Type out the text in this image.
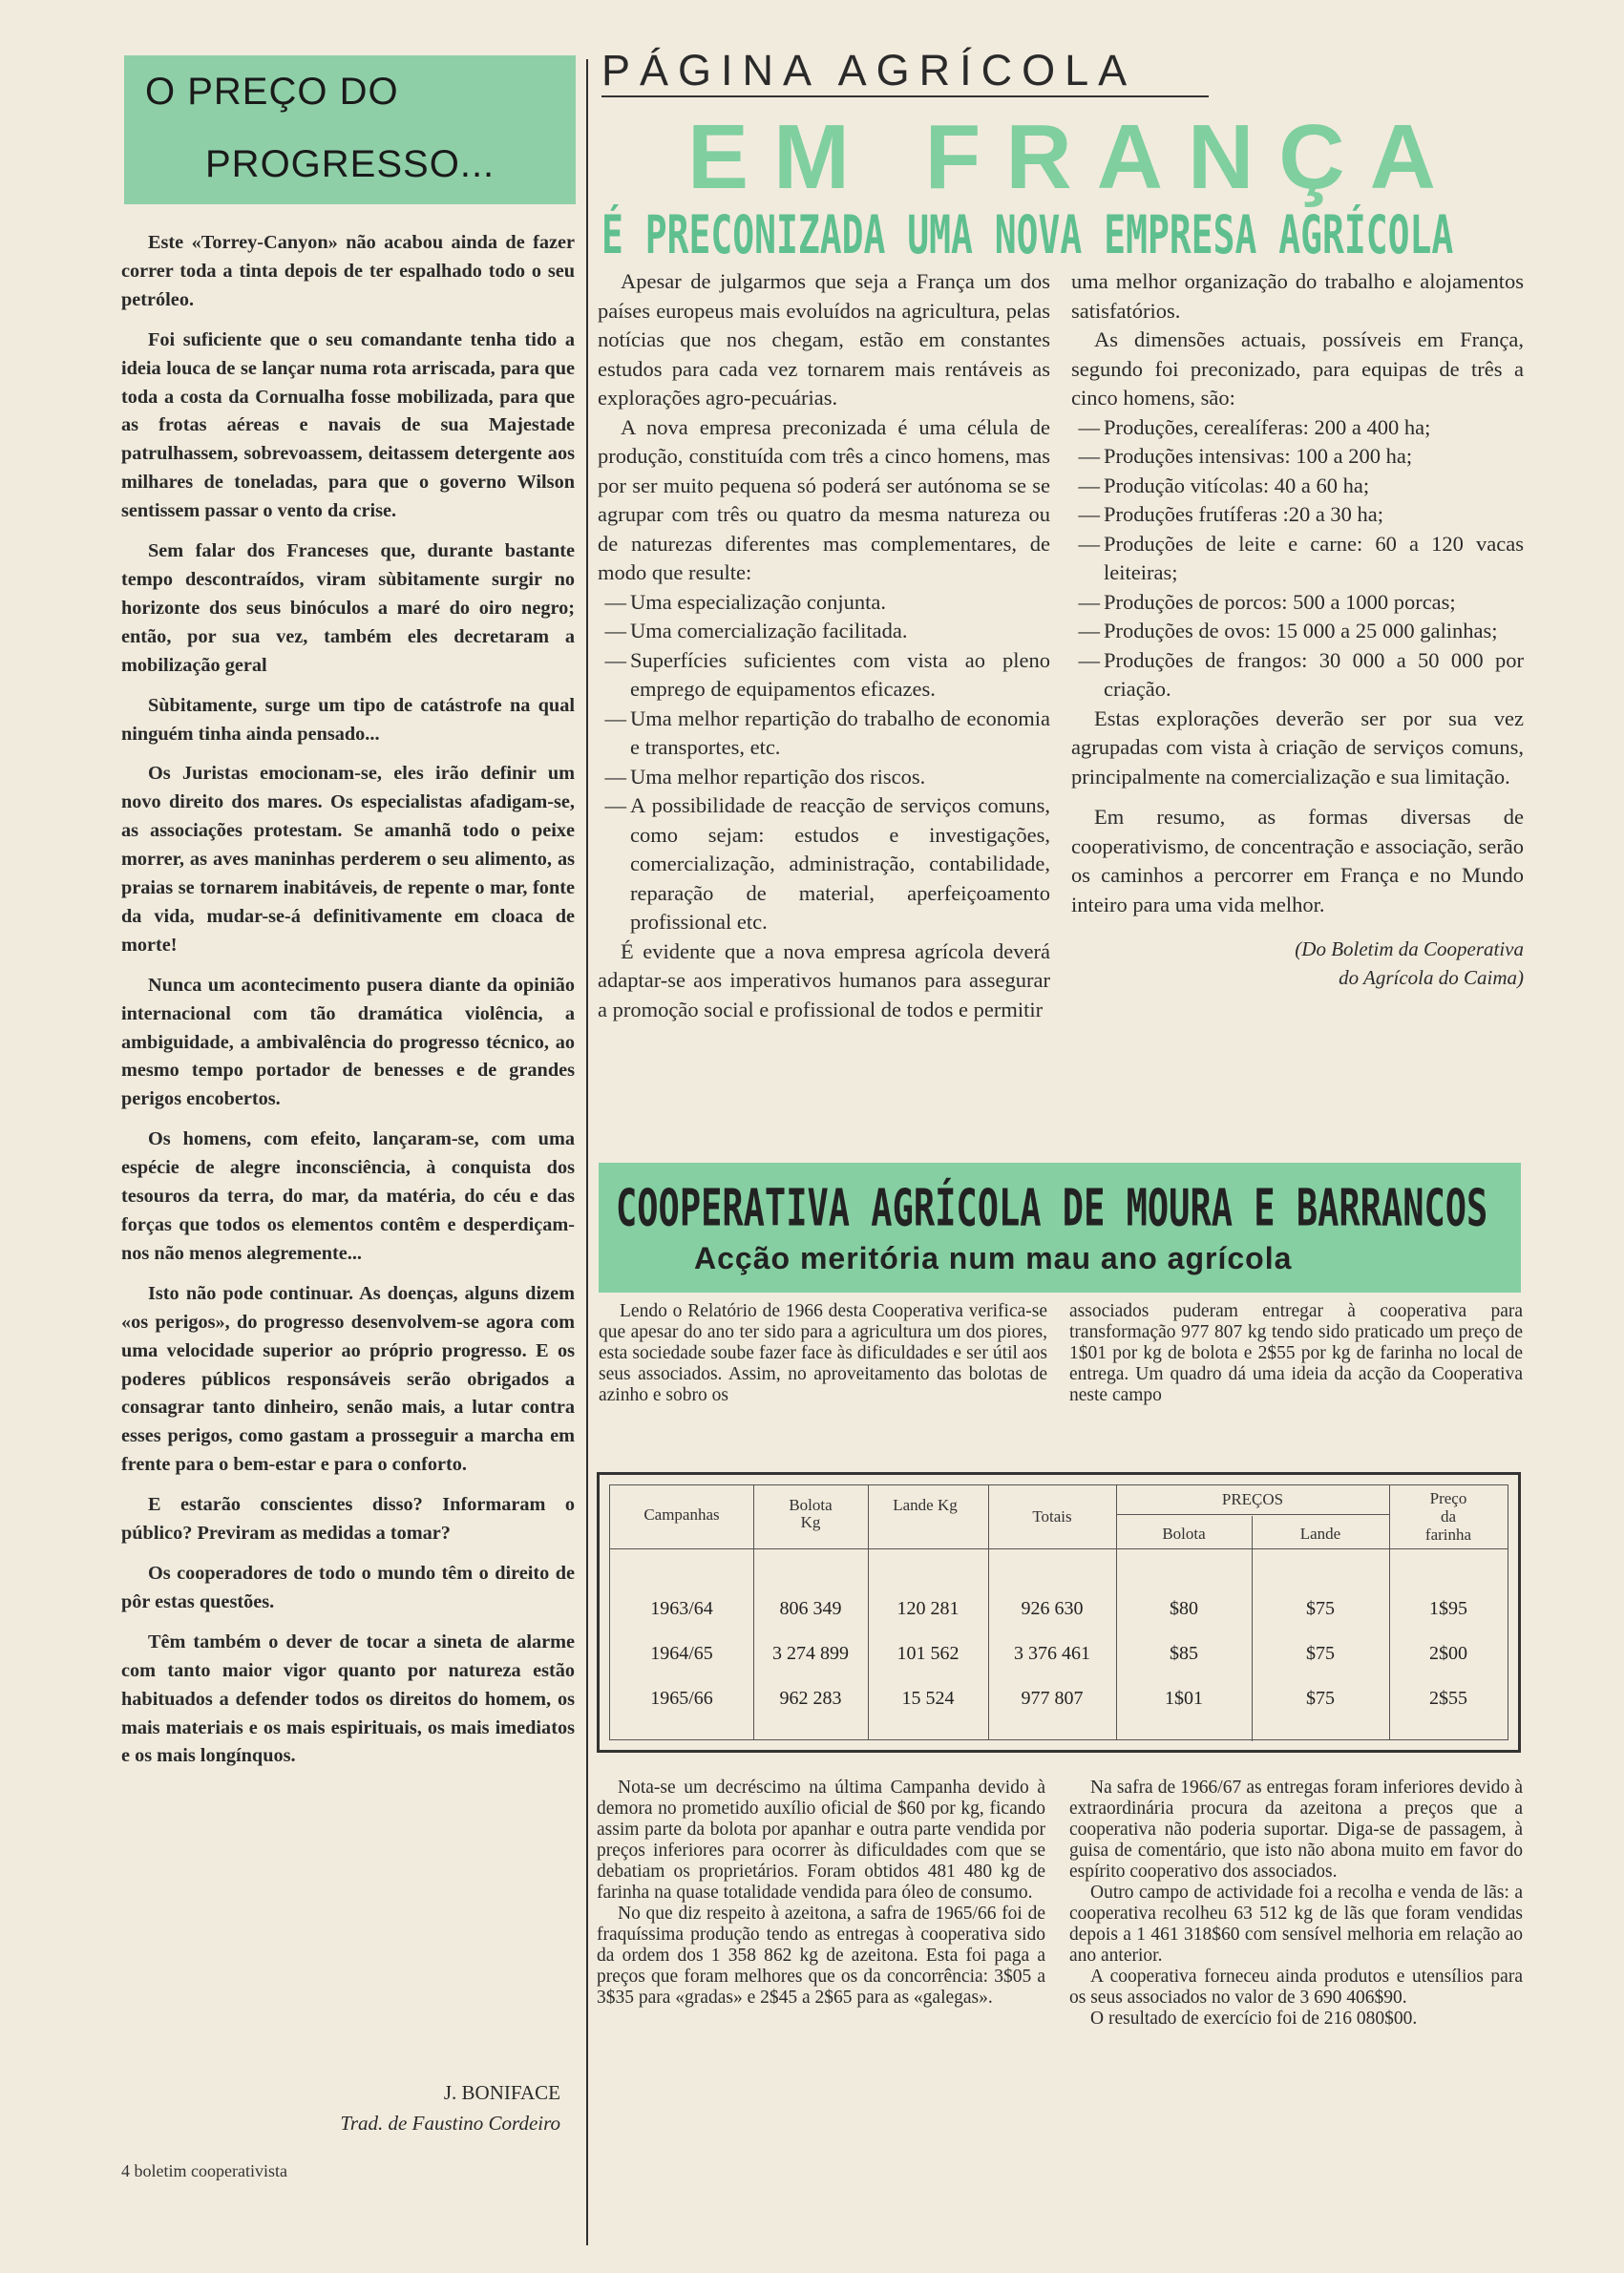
O PREÇO DO
PROGRESSO...

Este «Torrey-Canyon» não acabou ainda de fazer correr toda a tinta depois de ter espalhado todo o seu petróleo.

Foi suficiente que o seu comandante tenha tido a ideia louca de se lançar numa rota arriscada, para que toda a costa da Cornualha fosse mobilizada, para que as frotas aéreas e navais de sua Majestade patrulhassem, sobrevoassem, deitassem detergente aos milhares de toneladas, para que o governo Wilson sentissem passar o vento da crise.

Sem falar dos Franceses que, durante bastante tempo descontraídos, viram sùbitamente surgir no horizonte dos seus binóculos a maré do oiro negro; então, por sua vez, também eles decretaram a mobilização geral

Sùbitamente, surge um tipo de catástrofe na qual ninguém tinha ainda pensado...

Os Juristas emocionam-se, eles irão definir um novo direito dos mares. Os especialistas afadigam-se, as associações protestam. Se amanhã todo o peixe morrer, as aves maninhas perderem o seu alimento, as praias se tornarem inabitáveis, de repente o mar, fonte da vida, mudar-se-á definitivamente em cloaca de morte!

Nunca um acontecimento pusera diante da opinião internacional com tão dramática violência, a ambiguidade, a ambivalência do progresso técnico, ao mesmo tempo portador de benesses e de grandes perigos encobertos.

Os homens, com efeito, lançaram-se, com uma espécie de alegre inconsciência, à conquista dos tesouros da terra, do mar, da matéria, do céu e das forças que todos os elementos contêm e desperdiçam-nos não menos alegremente...

Isto não pode continuar. As doenças, alguns dizem «os perigos», do progresso desenvolvem-se agora com uma velocidade superior ao próprio progresso. E os poderes públicos responsáveis serão obrigados a consagrar tanto dinheiro, senão mais, a lutar contra esses perigos, como gastam a prosseguir a marcha em frente para o bem-estar e para o conforto.

E estarão conscientes disso? Informaram o público? Previram as medidas a tomar?

Os cooperadores de todo o mundo têm o direito de pôr estas questões.

Têm também o dever de tocar a sineta de alarme com tanto maior vigor quanto por natureza estão habituados a defender todos os direitos do homem, os mais materiais e os mais espirituais, os mais imediatos e os mais longínquos.

J. BONIFACE
Trad. de Faustino Cordeiro
4 boletim cooperativista
PÁGINA AGRÍCOLA
EM FRANÇA
É PRECONIZADA UMA NOVA EMPRESA AGRÍCOLA

Apesar de julgarmos que seja a França um dos países europeus mais evoluídos na agricultura, pelas notícias que nos chegam, estão em constantes estudos para cada vez tornarem mais rentáveis as explorações agro-pecuárias.

A nova empresa preconizada é uma célula de produção, constituída com três a cinco homens, mas por ser muito pequena só poderá ser autónoma se se agrupar com três ou quatro da mesma natureza ou de naturezas diferentes mas complementares, de modo que resulte:

— Uma especialização conjunta.
— Uma comercialização facilitada.
— Superfícies suficientes com vista ao pleno emprego de equipamentos eficazes.
— Uma melhor repartição do trabalho de economia e transportes, etc.
— Uma melhor repartição dos riscos.
— A possibilidade de reacção de serviços comuns, como sejam: estudos e investigações, comercialização, administração, contabilidade, reparação de material, aperfeiçoamento profissional etc.

É evidente que a nova empresa agrícola deverá adaptar-se aos imperativos humanos para assegurar a promoção social e profissional de todos e permitir

uma melhor organização do trabalho e alojamentos satisfatórios.

As dimensões actuais, possíveis em França, segundo foi preconizado, para equipas de três a cinco homens, são:

— Produções, cerealíferas: 200 a 400 ha;
— Produções intensivas: 100 a 200 ha;
— Produção vitícolas: 40 a 60 ha;
— Produções frutíferas :20 a 30 ha;
— Produções de leite e carne: 60 a 120 vacas leiteiras;
— Produções de porcos: 500 a 1000 porcas;
— Produções de ovos: 15 000 a 25 000 galinhas;
— Produções de frangos: 30 000 a 50 000 por criação.

Estas explorações deverão ser por sua vez agrupadas com vista à criação de serviços comuns, principalmente na comercialização e sua limitação.

Em resumo, as formas diversas de cooperativismo, de concentração e associação, serão os caminhos a percorrer em França e no Mundo inteiro para uma vida melhor.

(Do Boletim da Cooperativa
do Agrícola do Caima)
COOPERATIVA AGRÍCOLA DE MOURA E BARRANCOS
Acção meritória num mau ano agrícola

Lendo o Relatório de 1966 desta Cooperativa verifica-se que apesar do ano ter sido para a agricultura um dos piores, esta sociedade soube fazer face às dificuldades e ser útil aos seus associados. Assim, no aproveitamento das bolotas de azinho e sobro os

associados puderam entregar à cooperativa para transformação 977 807 kg tendo sido praticado um preço de 1$01 por kg de bolota e 2$55 por kg de farinha no local de entrega. Um quadro dá uma ideia da acção da Cooperativa neste campo

Campanhas
Bolota Kg
Lande Kg
Totais
PREÇOS
Bolota	Lande
Preço
da
farinha
1963/64	806 349	120 281	926 630	$80	$75	1$95
1964/65	3 274 899	101 562	3 376 461	$85	$75	2$00
1965/66	962 283	15 524	977 807	1$01	$75	2$55

Nota-se um decréscimo na última Campanha devido à demora no prometido auxílio oficial de $60 por kg, ficando assim parte da bolota por apanhar e outra parte vendida por preços inferiores para ocorrer às dificuldades com que se debatiam os proprietários. Foram obtidos 481 480 kg de farinha na quase totalidade vendida para óleo de consumo.

No que diz respeito à azeitona, a safra de 1965/66 foi de fraquíssima produção tendo as entregas à cooperativa sido da ordem dos 1 358 862 kg de azeitona. Esta foi paga a preços que foram melhores que os da concorrência: 3$05 a 3$35 para «gradas» e 2$45 a 2$65 para as «galegas».

Na safra de 1966/67 as entregas foram inferiores devido à extraordinária procura da azeitona a preços que a cooperativa não poderia suportar. Diga-se de passagem, à guisa de comentário, que isto não abona muito em favor do espírito cooperativo dos associados.

Outro campo de actividade foi a recolha e venda de lãs: a cooperativa recolheu 63 512 kg de lãs que foram vendidas depois a 1 461 318$60 com sensível melhoria em relação ao ano anterior.

A cooperativa forneceu ainda produtos e utensílios para os seus associados no valor de 3 690 406$90.

O resultado de exercício foi de 216 080$00.
